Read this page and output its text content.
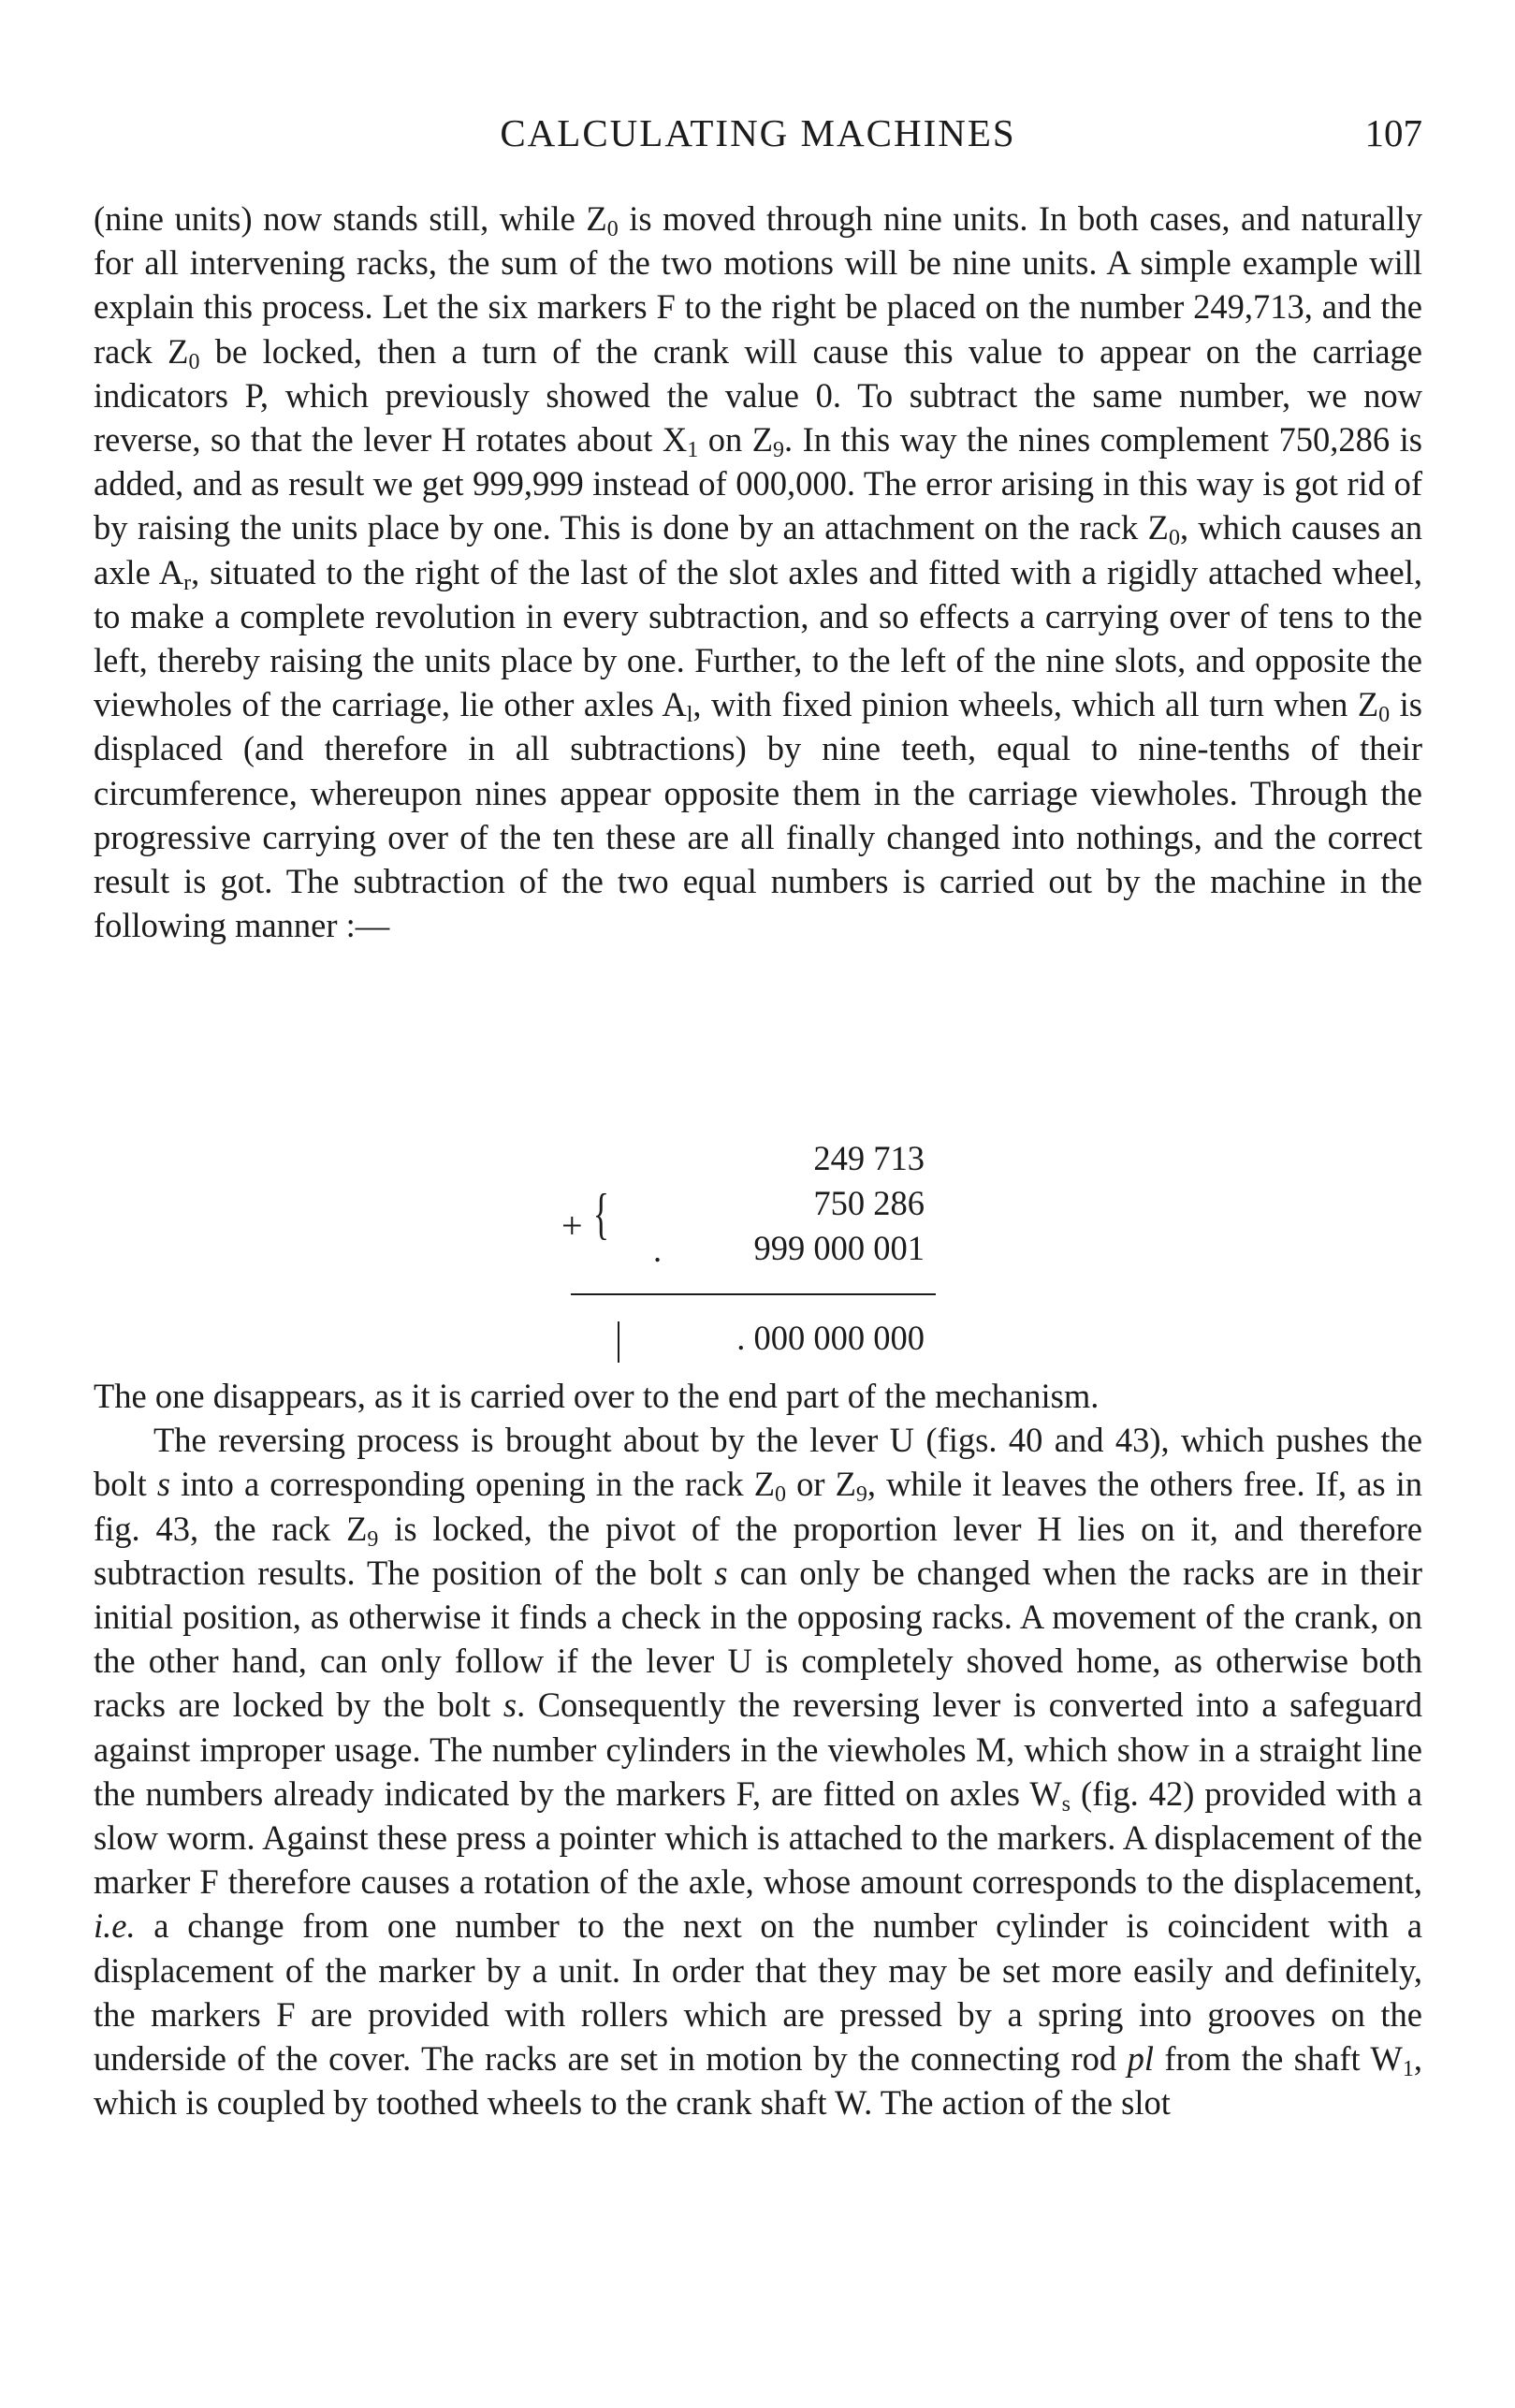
CALCULATING MACHINES	107

(nine units) now stands still, while $Z_0$ is moved through nine units. In both cases, and naturally for all intervening racks, the sum of the two motions will be nine units. A simple example will explain this process. Let the six markers F to the right be placed on the number 249,713, and the rack $Z_0$ be locked, then a turn of the crank will cause this value to appear on the carriage indicators P, which previously showed the value 0. To subtract the same number, we now reverse, so that the lever H rotates about $X_1$ on $Z_9$. In this way the nines complement 750,286 is added, and as result we get 999,999 instead of 000,000. The error arising in this way is got rid of by raising the units place by one. This is done by an attachment on the rack $Z_0$, which causes an axle $A_r$, situated to the right of the last of the slot axles and fitted with a rigidly attached wheel, to make a complete revolution in every subtraction, and so effects a carrying over of tens to the left, thereby raising the units place by one. Further, to the left of the nine slots, and opposite the viewholes of the carriage, lie other axles $A_l$, with fixed pinion wheels, which all turn when $Z_0$ is displaced (and therefore in all subtractions) by nine teeth, equal to nine-tenths of their circumference, whereupon nines appear opposite them in the carriage viewholes. Through the progressive carrying over of the ten these are all finally changed into nothings, and the correct result is got. The subtraction of the two equal numbers is carried out by the machine in the following manner :—

249 713
750 286
999 000 001
+ {
.
. 000 000 000

The one disappears, as it is carried over to the end part of the mechanism.

The reversing process is brought about by the lever U (figs. 40 and 43), which pushes the bolt s into a corresponding opening in the rack $Z_0$ or $Z_9$, while it leaves the others free. If, as in fig. 43, the rack $Z_9$ is locked, the pivot of the proportion lever H lies on it, and therefore subtraction results. The position of the bolt s can only be changed when the racks are in their initial position, as otherwise it finds a check in the opposing racks. A movement of the crank, on the other hand, can only follow if the lever U is completely shoved home, as otherwise both racks are locked by the bolt s. Consequently the reversing lever is converted into a safeguard against improper usage. The number cylinders in the viewholes M, which show in a straight line the numbers already indicated by the markers F, are fitted on axles $W_s$ (fig. 42) provided with a slow worm. Against these press a pointer which is attached to the markers. A displacement of the marker F therefore causes a rotation of the axle, whose amount corresponds to the displacement, i.e. a change from one number to the next on the number cylinder is coincident with a displacement of the marker by a unit. In order that they may be set more easily and definitely, the markers F are provided with rollers which are pressed by a spring into grooves on the underside of the cover. The racks are set in motion by the connecting rod pl from the shaft $W_1$, which is coupled by toothed wheels to the crank shaft W. The action of the slot
